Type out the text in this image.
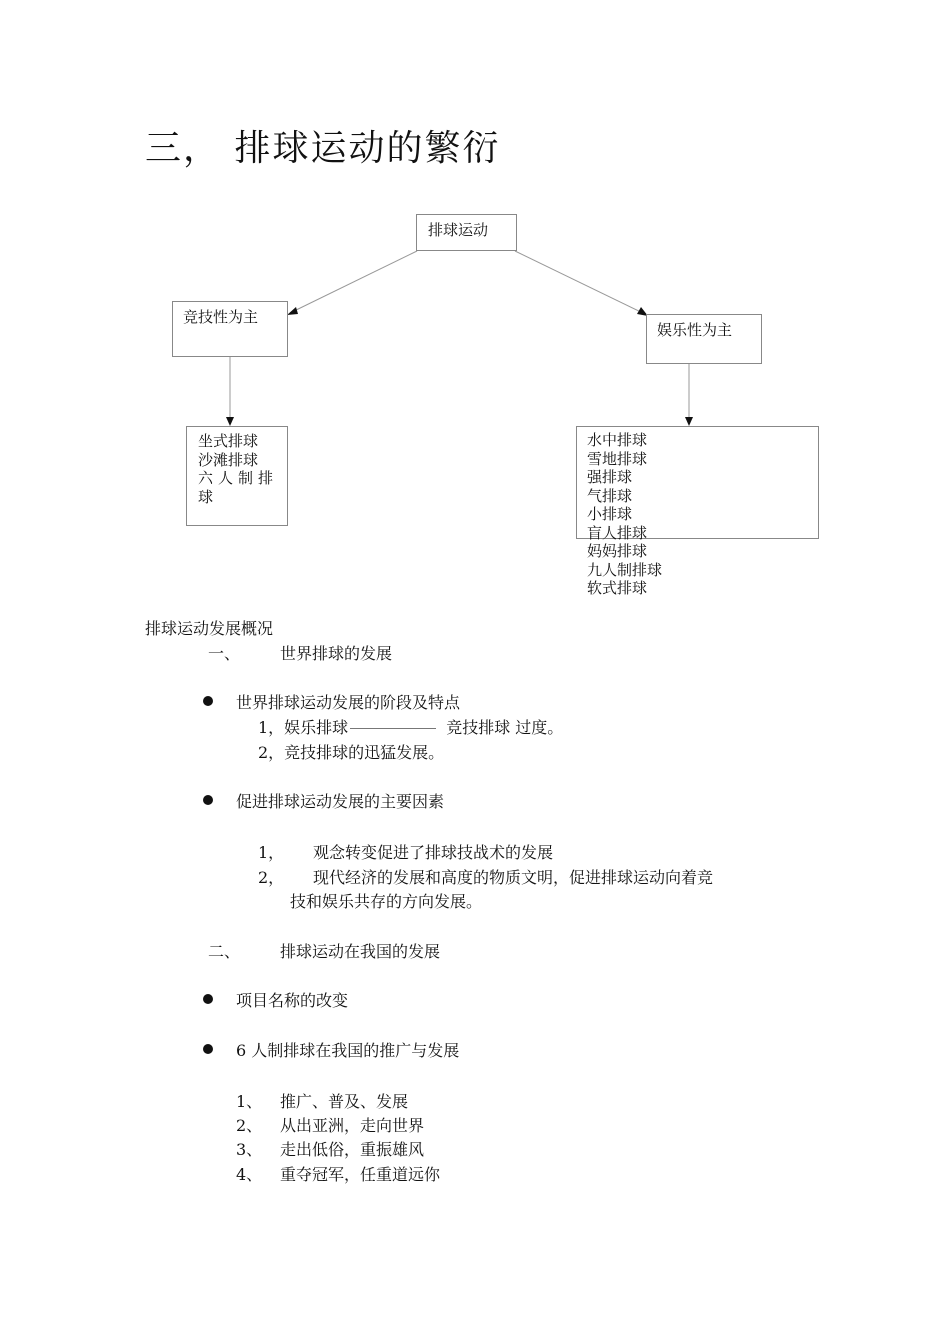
三， 排球运动的繁衍
排球运动
竞技性为主
娱乐性为主
坐式排球
沙滩排球
六人制排
球
水中排球
雪地排球
强排球
气排球
小排球
盲人排球
妈妈排球
九人制排球
软式排球
排球运动发展概况
一、 世界排球的发展
世界排球运动发展的阶段及特点
1，娱乐排球	竞技排球 过度。
2，竞技排球的迅猛发展。
促进排球运动发展的主要因素
1， 观念转变促进了排球技战术的发展
2， 现代经济的发展和高度的物质文明，促进排球运动向着竞
技和娱乐共存的方向发展。
二、 排球运动在我国的发展
项目名称的改变
6 人制排球在我国的推广与发展
1、 推广、普及、发展
2、 从出亚洲，走向世界
3、 走出低俗，重振雄风
4、 重夺冠军，任重道远你
